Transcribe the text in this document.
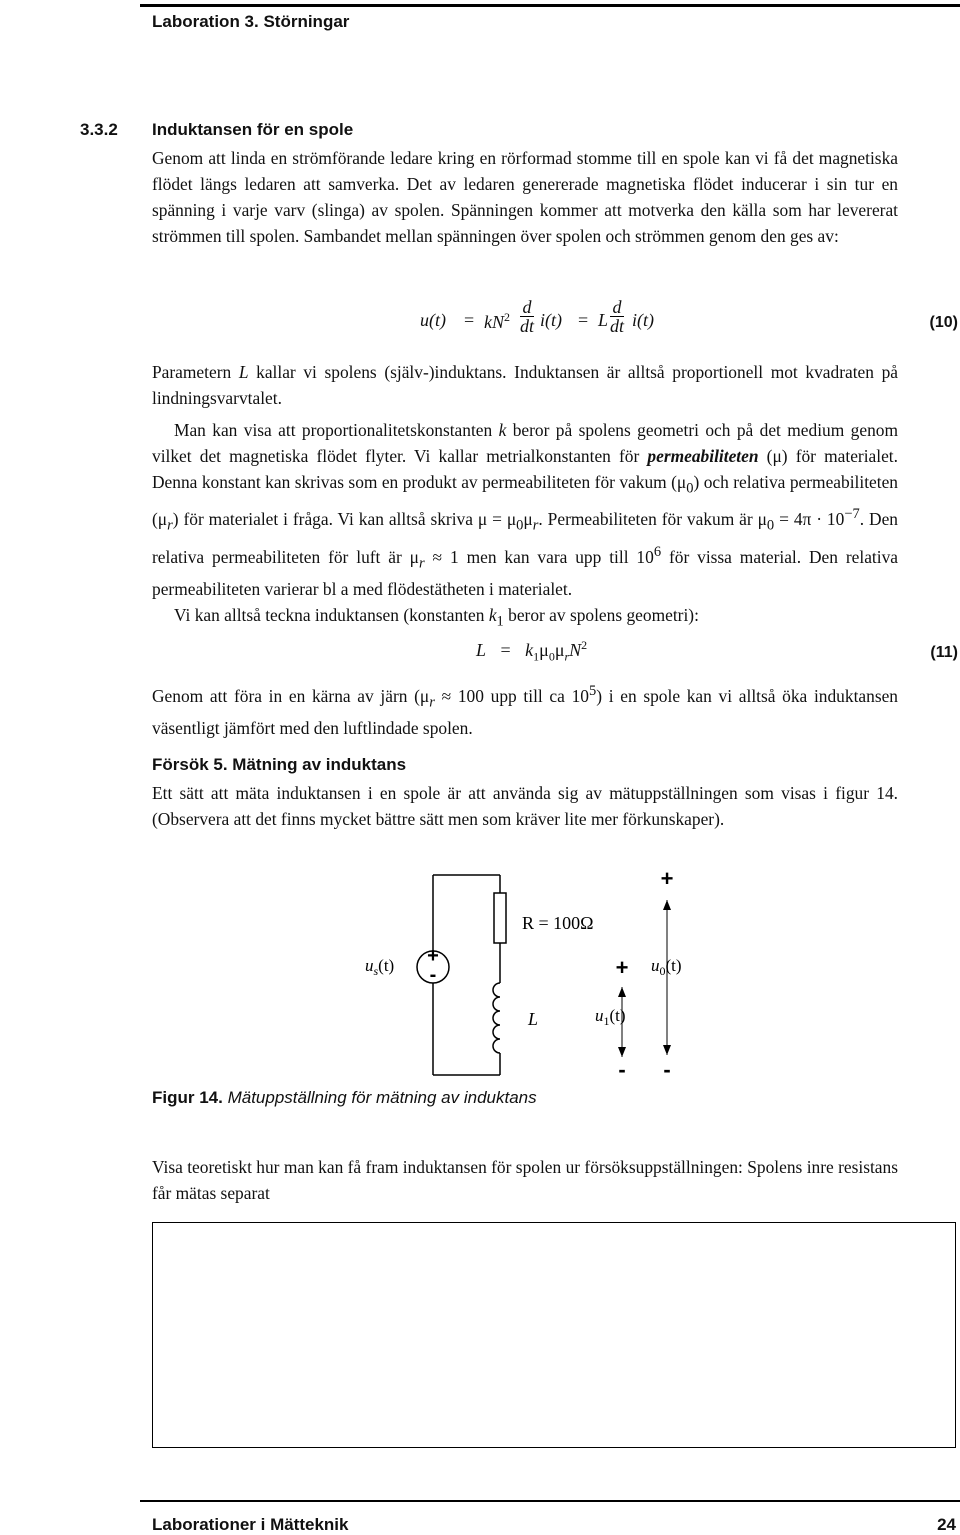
Laboration 3. Störningar
3.3.2 Induktansen för en spole

Genom att linda en strömförande ledare kring en rörformad stomme till en spole kan vi få det magnetiska flödet längs ledaren att samverka. Det av ledaren genererade magnetiska flödet inducerar i sin tur en spänning i varje varv (slinga) av spolen. Spänningen kommer att motverka den källa som har levererat strömmen till spolen. Sambandet mellan spänningen över spolen och strömmen genom den ges av:

$u(t) = kN^2 \frac{d}{dt} i(t) = L \frac{d}{dt} i(t)$	(10)

Parametern L kallar vi spolens (själv-)induktans. Induktansen är alltså proportionell mot kvadraten på lindningsvarvtalet.

Man kan visa att proportionalitetskonstanten k beror på spolens geometri och på det medium genom vilket det magnetiska flödet flyter. Vi kallar metrialkonstanten för permeabiliteten (μ) för materialet. Denna konstant kan skrivas som en produkt av permeabiliteten för vakum $(\mu_0)$ och relativa permeabiliteten $(\mu_r)$ för materialet i fråga. Vi kan alltså skriva $\mu = \mu_0\mu_r$. Permeabiliteten för vakum är $\mu_0 = 4\pi \cdot 10^{-7}$. Den relativa permeabiliteten för luft är $\mu_r \approx 1$ men kan vara upp till $10^6$ för vissa material. Den relativa permeabiliteten varierar bl a med flödestätheten i materialet.

Vi kan alltså teckna induktansen (konstanten $k_1$ beror av spolens geometri):

$L = k_1\mu_0\mu_rN^2$	(11)

Genom att föra in en kärna av järn ($\mu_r \approx 100$ upp till ca $10^5$) i en spole kan vi alltså öka induktansen väsentligt jämfört med den luftlindade spolen.

Försök 5. Mätning av induktans

Ett sätt att mäta induktansen i en spole är att använda sig av mätuppställningen som visas i figur 14. (Observera att det finns mycket bättre sätt men som kräver lite mer förkunskaper).

+
-
$u_s(t)$
R = 100Ω
L
+
-
$u_1(t)$
+
-
$u_0(t)$
Figur 14. Mätuppställning för mätning av induktans

Visa teoretiskt hur man kan få fram induktansen för spolen ur försöksuppställningen: Spolens inre resistans får mätas separat

Laborationer i Mätteknik	24
